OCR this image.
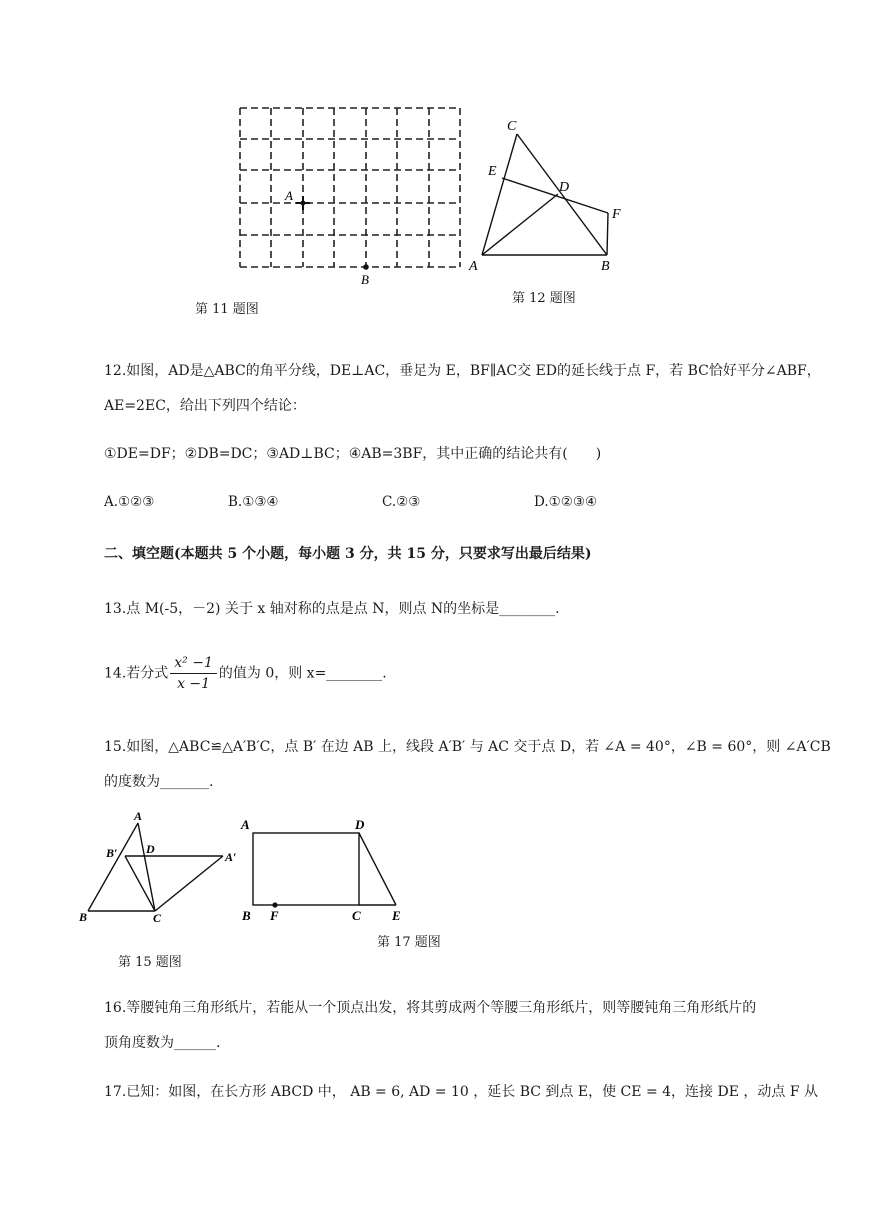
A
B
第 11 题图
C
E
D
F
A	B
第 12 题图
12.如图，AD是△ABC的角平分线，DE⊥AC，垂足为 E，BF∥AC交 ED的延长线于点 F，若 BC恰好平分∠ABF，
AE=2EC，给出下列四个结论：
①DE=DF；②DB=DC；③AD⊥BC；④AB=3BF，其中正确的结论共有(　　)
A.①②③	B.①③④	C.②③	D.①②③④
二、填空题(本题共 5 个小题，每小题 3 分，共 15 分，只要求写出最后结果)
13.点 M(-5，－2) 关于 x 轴对称的点是点 N，则点 N的坐标是________.
14.若分式 $\frac{\text{x² −1}}{x -1}$ 的值为 0，则 x=________.
15.如图，△ABC≌△A′B′C，点 B′ 在边 AB 上，线段 A′B′ 与 AC 交于点 D，若 ∠A = 40°，∠B = 60°，则 ∠A′CB
的度数为_______.
A
B′ D
A′
B	C
第 15 题图
A	D
B F	C E
第 17 题图
16.等腰钝角三角形纸片，若能从一个顶点出发，将其剪成两个等腰三角形纸片，则等腰钝角三角形纸片的
顶角度数为______.
17.已知：如图，在长方形 ABCD 中， AB = 6, AD = 10 ，延长 BC 到点 E，使 CE = 4，连接 DE ，动点 F 从
